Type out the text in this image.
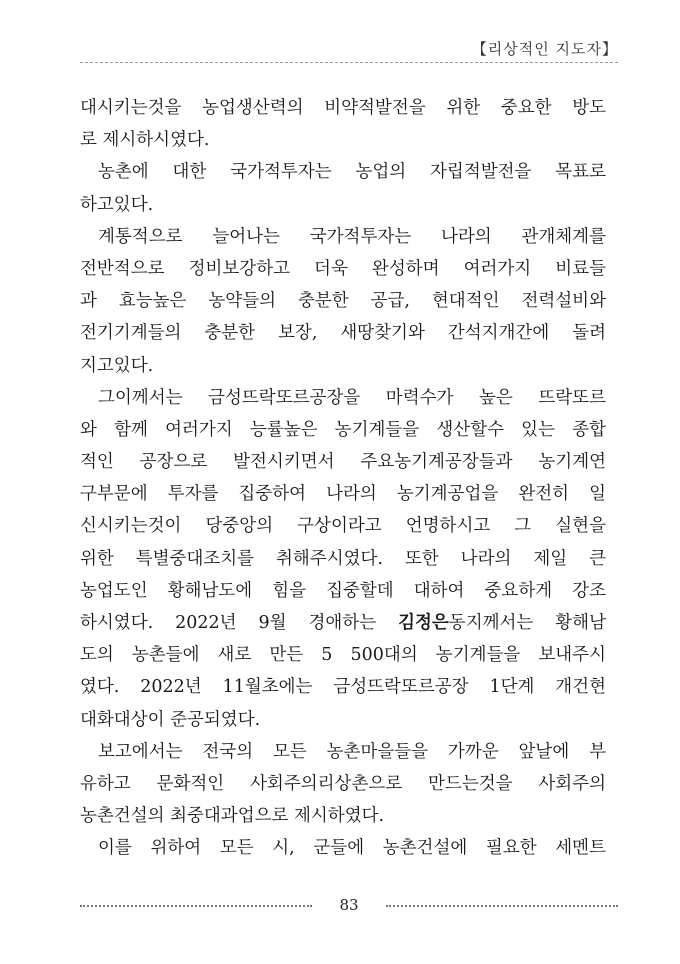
【리상적인 지도자】
대시키는것을 농업생산력의 비약적발전을 위한 중요한 방도
로 제시하시였다.
농촌에 대한 국가적투자는 농업의 자립적발전을 목표로
하고있다.
계통적으로 늘어나는 국가적투자는 나라의 관개체계를
전반적으로 정비보강하고 더욱 완성하며 여러가지 비료들
과 효능높은 농약들의 충분한 공급, 현대적인 전력설비와
전기기계들의 충분한 보장, 새땅찾기와 간석지개간에 돌려
지고있다.
그이께서는 금성뜨락또르공장을 마력수가 높은 뜨락또르
와 함께 여러가지 능률높은 농기계들을 생산할수 있는 종합
적인 공장으로 발전시키면서 주요농기계공장들과 농기계연
구부문에 투자를 집중하여 나라의 농기계공업을 완전히 일
신시키는것이 당중앙의 구상이라고 언명하시고 그 실현을
위한 특별중대조치를 취해주시였다. 또한 나라의 제일 큰
농업도인 황해남도에 힘을 집중할데 대하여 중요하게 강조
하시였다. 2022년 9월 경애하는 김정은동지께서는 황해남
도의 농촌들에 새로 만든 5 500대의 농기계들을 보내주시
였다. 2022년 11월초에는 금성뜨락또르공장 1단계 개건현
대화대상이 준공되였다.
보고에서는 전국의 모든 농촌마을들을 가까운 앞날에 부
유하고 문화적인 사회주의리상촌으로 만드는것을 사회주의
농촌건설의 최중대과업으로 제시하였다.
이를 위하여 모든 시, 군들에 농촌건설에 필요한 세멘트
83
